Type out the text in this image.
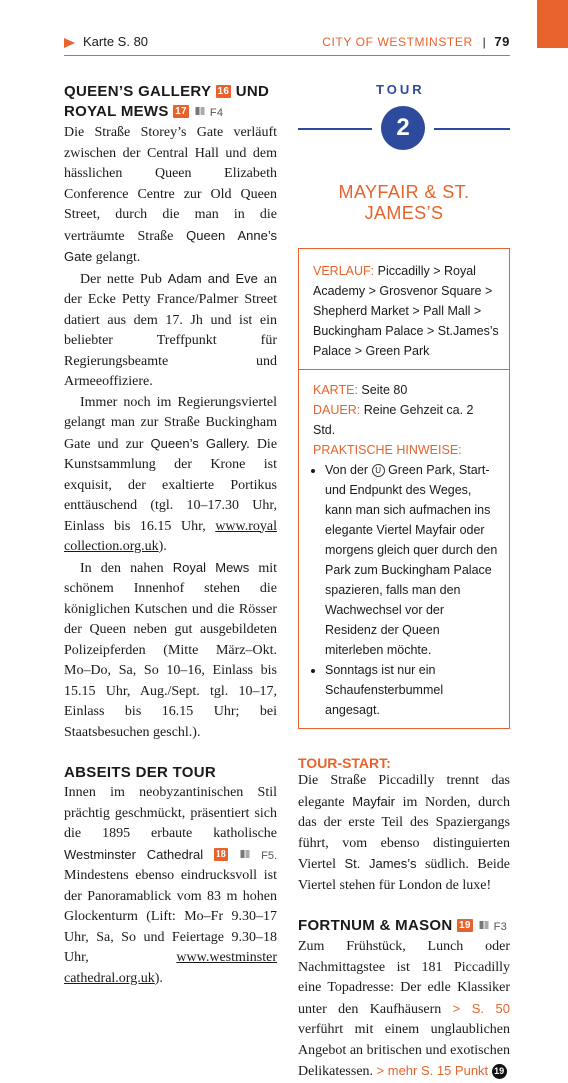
Karte S. 80	CITY OF WESTMINSTER | 79
QUEEN’S GALLERY 16 UND
ROYAL MEWS 17 F4

Die Straße Storey’s Gate verläuft zwischen der Central Hall und dem hässlichen Queen Elizabeth Conference Centre zur Old Queen Street, durch die man in die verträumte Straße Queen Anne’s Gate gelangt.

Der nette Pub Adam and Eve an der Ecke Petty France/Palmer Street datiert aus dem 17. Jh und ist ein beliebter Treffpunkt für Regierungsbeamte und Armeeoffiziere.

Immer noch im Regierungsviertel gelangt man zur Straße Buckingham Gate und zur Queen’s Gallery. Die Kunstsammlung der Krone ist exquisit, der exaltierte Portikus enttäuschend (tgl. 10–17.30 Uhr, Einlass bis 16.15 Uhr, www.royal collection.org.uk).

In den nahen Royal Mews mit schönem Innenhof stehen die königlichen Kutschen und die Rösser der Queen neben gut ausgebildeten Polizeipferden (Mitte März–Okt. Mo–Do, Sa, So 10–16, Einlass bis 15.15 Uhr, Aug./Sept. tgl. 10–17, Einlass bis 16.15 Uhr; bei Staatsbesuchen geschl.).

ABSEITS DER TOUR

Innen im neobyzantinischen Stil prächtig geschmückt, präsentiert sich die 1895 erbaute katholische Westminster Cathedral 18	F5. Mindestens ebenso eindrucksvoll ist der Panoramablick vom 83 m hohen Glockenturm (Lift: Mo–Fr 9.30–17 Uhr, Sa, So und Feiertage 9.30–18 Uhr,	www.westminster cathedral.org.uk).

TOUR
2
MAYFAIR & ST. JAMES’S
VERLAUF: Piccadilly > Royal Academy > Grosvenor Square > Shepherd Market > Pall Mall > Buckingham Palace > St.James’s Palace > Green Park
KARTE: Seite 80
DAUER: Reine Gehzeit ca. 2 Std.
PRAKTISCHE HINWEISE:
• Von der U Green Park, Start- und Endpunkt des Weges, kann man sich aufmachen ins elegante Viertel Mayfair oder morgens gleich quer durch den Park zum Buckingham Palace spazieren, falls man den Wachwechsel vor der Residenz der Queen miterleben möchte.
• Sonntags ist nur ein Schaufensterbummel angesagt.
TOUR-START:

Die Straße Piccadilly trennt das elegante Mayfair im Norden, durch das der erste Teil des Spaziergangs führt, vom ebenso distinguierten Viertel St. James’s südlich. Beide Viertel stehen für London de luxe!

FORTNUM & MASON 19 F3

Zum Frühstück, Lunch oder Nachmittagstee ist 181 Piccadilly eine Topadresse: Der edle Klassiker unter den Kaufhäusern > S. 50 verführt mit einem unglaublichen Angebot an britischen und exotischen Delikatessen. > mehr S. 15 Punkt 19
